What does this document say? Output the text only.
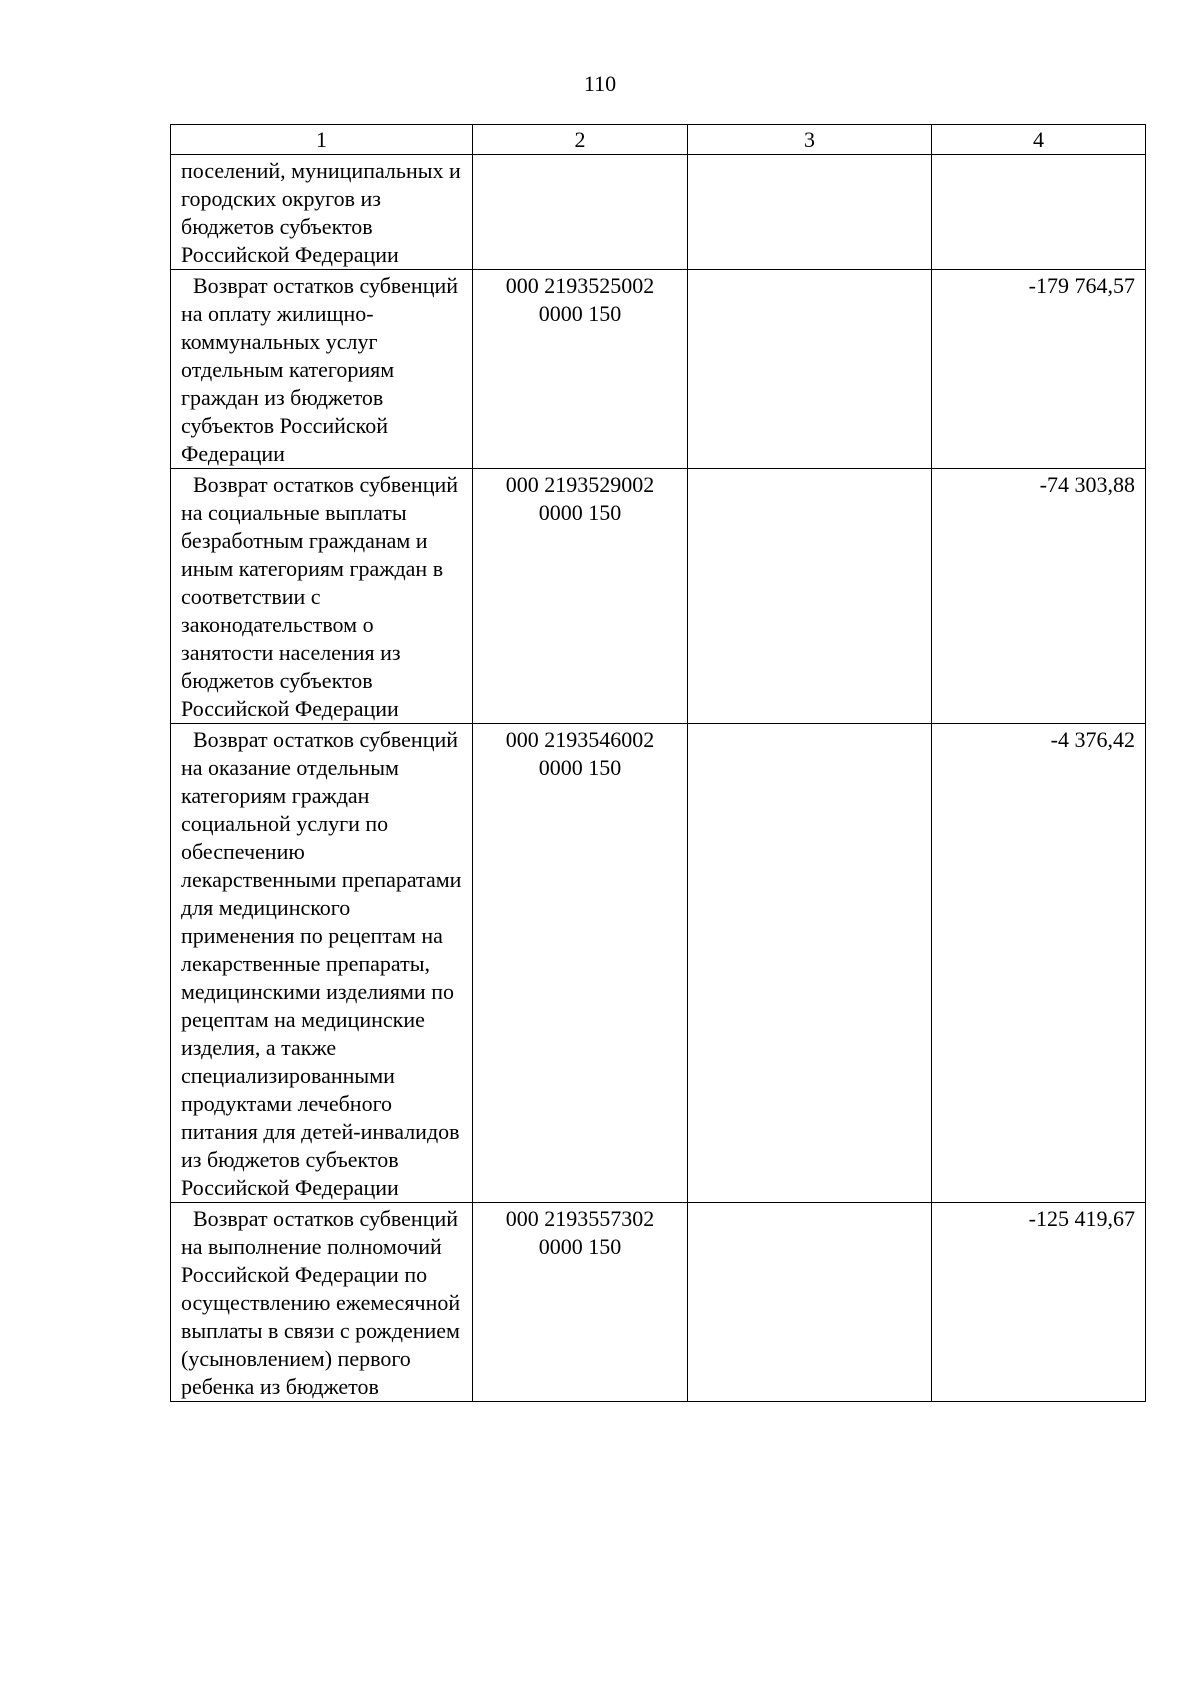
110
1	2	3	4

поселений, муниципальных и городских округов из бюджетов субъектов Российской Федерации			

Возврат остатков субвенций на оплату жилищно-коммунальных услуг отдельным категориям граждан из бюджетов субъектов Российской Федерации	000 2193525002 0000 150		-179 764,57

Возврат остатков субвенций на социальные выплаты безработным гражданам и иным категориям граждан в соответствии с законодательством о занятости населения из бюджетов субъектов Российской Федерации	000 2193529002 0000 150		-74 303,88

Возврат остатков субвенций на оказание отдельным категориям граждан социальной услуги по обеспечению лекарственными препаратами для медицинского применения по рецептам на лекарственные препараты, медицинскими изделиями по рецептам на медицинские изделия, а также специализированными продуктами лечебного питания для детей-инвалидов из бюджетов субъектов Российской Федерации	000 2193546002 0000 150		-4 376,42

Возврат остатков субвенций на выполнение полномочий Российской Федерации по осуществлению ежемесячной выплаты в связи с рождением (усыновлением) первого ребенка из бюджетов	000 2193557302 0000 150		-125 419,67
